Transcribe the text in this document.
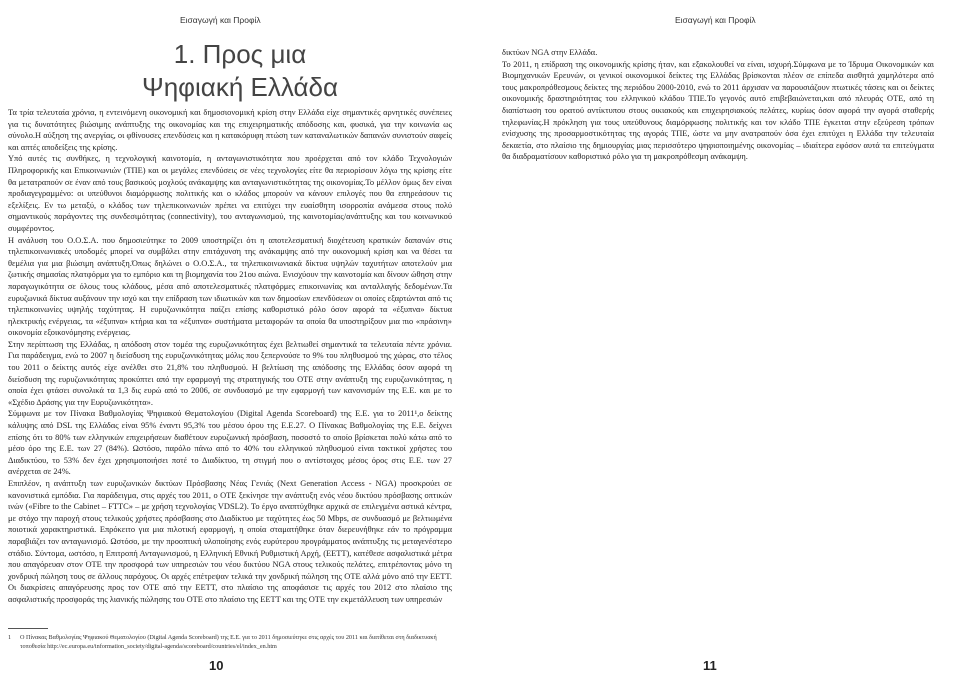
Εισαγωγή και Προφίλ
1. Προς μια
Ψηφιακή Ελλάδα

Τα τρία τελευταία χρόνια, η εντεινόμενη οικονομική και δημοσιονομική κρίση στην Ελλάδα είχε σημαντικές αρνητικές συνέπειες για τις δυνατότητες βιώσιμης ανάπτυξης της οικονομίας και της επιχειρηματικής απόδοσης και, φυσικά, για την κοινωνία ως σύνολο.Η αύξηση της ανεργίας, οι φθίνουσες επενδύσεις και η κατακόρυφη πτώση των καταναλωτικών δαπανών συνιστούν σαφείς και απτές αποδείξεις της κρίσης.

Υπό αυτές τις συνθήκες, η τεχνολογική καινοτομία, η ανταγωνιστικότητα που προέρχεται από τον κλάδο Τεχνολογιών Πληροφορικής και Επικοινωνιών (ΤΠΕ) και οι μεγάλες επενδύσεις σε νέες τεχνολογίες είτε θα περιορίσουν λόγω της κρίσης είτε θα μετατραπούν σε έναν από τους βασικούς μοχλούς ανάκαμψης και ανταγωνιστικότητας της οικονομίας.Το μέλλον όμως δεν είναι προδιαγεγραμμένο: οι υπεύθυνοι διαμόρφωσης πολιτικής και ο κλάδος μπορούν να κάνουν επιλογές που θα επηρεάσουν τις εξελίξεις. Εν τω μεταξύ, ο κλάδος των τηλεπικοινωνιών πρέπει να επιτύχει την ευαίσθητη ισορροπία ανάμεσα στους πολύ σημαντικούς παράγοντες της συνδεσιμότητας (connectivity), του ανταγωνισμού, της καινοτομίας/ανάπτυξης και του κοινωνικού συμφέροντος.

Η ανάλυση του Ο.Ο.Σ.Α. που δημοσιεύτηκε το 2009 υποστηρίζει ότι η αποτελεσματική διοχέτευση κρατικών δαπανών στις τηλεπικοινωνιακές υποδομές μπορεί να συμβάλει στην επιτάχυνση της ανάκαμψης από την οικονομική κρίση και να θέσει τα θεμέλια για μια βιώσιμη ανάπτυξη.Όπως δηλώνει ο Ο.Ο.Σ.Α., τα τηλεπικοινωνιακά δίκτυα υψηλών ταχυτήτων αποτελούν μια ζωτικής σημασίας πλατφόρμα για το εμπόριο και τη βιομηχανία του 21ου αιώνα. Ενισχύουν την καινοτομία και δίνουν ώθηση στην παραγωγικότητα σε όλους τους κλάδους, μέσα από αποτελεσματικές πλατφόρμες επικοινωνίας και ανταλλαγής δεδομένων.Τα ευρυζωνικά δίκτυα αυξάνουν την ισχύ και την επίδραση των ιδιωτικών και των δημοσίων επενδύσεων οι οποίες εξαρτώνται από τις τηλεπικοινωνίες υψηλής ταχύτητας. Η ευρυζωνικότητα παίζει επίσης καθοριστικό ρόλο όσον αφορά τα «έξυπνα» δίκτυα ηλεκτρικής ενέργειας, τα «έξυπνα» κτήρια και τα «έξυπνα» συστήματα μεταφορών τα οποία θα υποστηρίξουν μια πιο «πράσινη» οικονομία εξοικονόμησης ενέργειας.

Στην περίπτωση της Ελλάδας, η απόδοση στον τομέα της ευρυζωνικότητας έχει βελτιωθεί σημαντικά τα τελευταία πέντε χρόνια. Για παράδειγμα, ενώ το 2007 η διείσδυση της ευρυζωνικότητας μόλις που ξεπερνούσε το 9% του πληθυσμού της χώρας, στο τέλος του 2011 ο δείκτης αυτός είχε ανέλθει στο 21,8% του πληθυσμού. Η βελτίωση της απόδοσης της Ελλάδας όσον αφορά τη διείσδυση της ευρυζωνικότητας προκύπτει από την εφαρμογή της στρατηγικής του ΟΤΕ στην ανάπτυξη της ευρυζωνικότητας, η οποία έχει φτάσει συνολικά τα 1,3 δις ευρώ από το 2006, σε συνδυασμό με την εφαρμογή των κανονισμών της Ε.Ε. και με το «Σχέδιο Δράσης για την Ευρυζωνικότητα».

Σύμφωνα με τον Πίνακα Βαθμολογίας Ψηφιακού Θεματολογίου (Digital Agenda Scoreboard) της Ε.Ε. για το 2011¹,ο δείκτης κάλυψης από DSL της Ελλάδας είναι 95% έναντι 95,3% του μέσου όρου της Ε.Ε.27. Ο Πίνακας Βαθμολογίας της Ε.Ε. δείχνει επίσης ότι το 80% των ελληνικών επιχειρήσεων διαθέτουν ευρυζωνική πρόσβαση, ποσοστό το οποίο βρίσκεται πολύ κάτω από το μέσο όρο της Ε.Ε. των 27 (84%). Ωστόσο, παρόλο πάνω από το 40% του ελληνικού πληθυσμού είναι τακτικοί χρήστες του Διαδικτύου, το 53% δεν έχει χρησιμοποιήσει ποτέ το Διαδίκτυο, τη στιγμή που ο αντίστοιχος μέσος όρος στις Ε.Ε. των 27 ανέρχεται σε 24%.

Επιπλέον, η ανάπτυξη των ευρυζωνικών δικτύων Πρόσβασης Νέας Γενιάς (Next Generation Access - NGA) προσκρούει σε κανονιστικά εμπόδια. Για παράδειγμα, στις αρχές του 2011, ο ΟΤΕ ξεκίνησε την ανάπτυξη ενός νέου δικτύου πρόσβασης οπτικών ινών («Fibre to the Cabinet – FTTC» – με χρήση τεχνολογίας VDSL2). Το έργο αναπτύχθηκε αρχικά σε επιλεγμένα αστικά κέντρα, με στόχο την παροχή στους τελικούς χρήστες πρόσβασης στο Διαδίκτυο με ταχύτητες έως 50 Mbps, σε συνδυασμό με βελτιωμένα ποιοτικά χαρακτηριστικά. Επρόκειτο για μια πιλοτική εφαρμογή, η οποία σταματήθηκε όταν διερευνήθηκε εάν το πρόγραμμα παραβιάζει τον ανταγωνισμό. Ωστόσο, με την προοπτική υλοποίησης ενός ευρύτερου προγράμματος ανάπτυξης τις μεταγενέστερο στάδιο. Σύντομα, ωστόσο, η Επιτροπή Ανταγωνισμού, η Ελληνική Εθνική Ρυθμιστική Αρχή, (ΕΕΤΤ), κατέθεσε ασφαλιστικά μέτρα που απαγόρευαν στον ΟΤΕ την προσφορά των υπηρεσιών του νέου δικτύου NGA στους τελικούς πελάτες, επιτρέποντας μόνο τη χονδρική πώληση τους σε άλλους παρόχους. Οι αρχές επέτρεψαν τελικά την χονδρική πώληση της ΟΤΕ αλλά μόνο από την ΕΕΤΤ. Οι διακρίσεις απαγόρευσης προς τον ΟΤΕ από την ΕΕΤΤ, στο πλαίσιο της αποφάσισε τις αρχές του 2012 στο πλαίσιο της ασφαλιστικής προσφοράς της λιανικής πώλησης του ΟΤΕ στο πλαίσιο της ΕΕΤΤ και της ΟΤΕ την εκμετάλλευση των υπηρεσιών

1	Ο Πίνακας Βαθμολογίας Ψηφιακού Θεματολογίου (Digital Agenda Scoreboard) της Ε.Ε. για το 2011 δημοσιεύτηκε στις αρχές του 2011 και διατίθεται στη διαδικτυακή τοποθεσία http://ec.europa.eu/information_society/digital-agenda/scoreboard/countries/el/index_en.htm
10
Εισαγωγή και Προφίλ

δικτύων NGA στην Ελλάδα.

Το 2011, η επίδραση της οικονομικής κρίσης ήταν, και εξακολουθεί να είναι, ισχυρή.Σύμφωνα με το Ίδρυμα Οικονομικών και Βιομηχανικών Ερευνών, οι γενικοί οικονομικοί δείκτες της Ελλάδας βρίσκονται πλέον σε επίπεδα αισθητά χαμηλότερα από τους μακροπρόθεσμους δείκτες της περιόδου 2000-2010, ενώ το 2011 άρχισαν να παρουσιάζουν πτωτικές τάσεις και οι δείκτες οικονομικής δραστηριότητας του ελληνικού κλάδου ΤΠΕ.Το γεγονός αυτό επιβεβαιώνεται,και από πλευράς ΟΤΕ, από τη διαπίστωση του ορατού αντίκτυπου στους οικιακούς και επιχειρησιακούς πελάτες, κυρίως όσον αφορά την αγορά σταθερής τηλεφωνίας.Η πρόκληση για τους υπεύθυνους διαμόρφωσης πολιτικής και τον κλάδο ΤΠΕ έγκειται στην εξεύρεση τρόπων ενίσχυσης της προσαρμοστικότητας της αγοράς ΤΠΕ, ώστε να μην ανατραπούν όσα έχει επιτύχει η Ελλάδα την τελευταία δεκαετία, στο πλαίσιο της δημιουργίας μιας περισσότερο ψηφιοποιημένης οικονομίας – ιδιαίτερα εφόσον αυτά τα επιτεύγματα θα διαδραματίσουν καθοριστικό ρόλο για τη μακροπρόθεσμη ανάκαμψη.

11
